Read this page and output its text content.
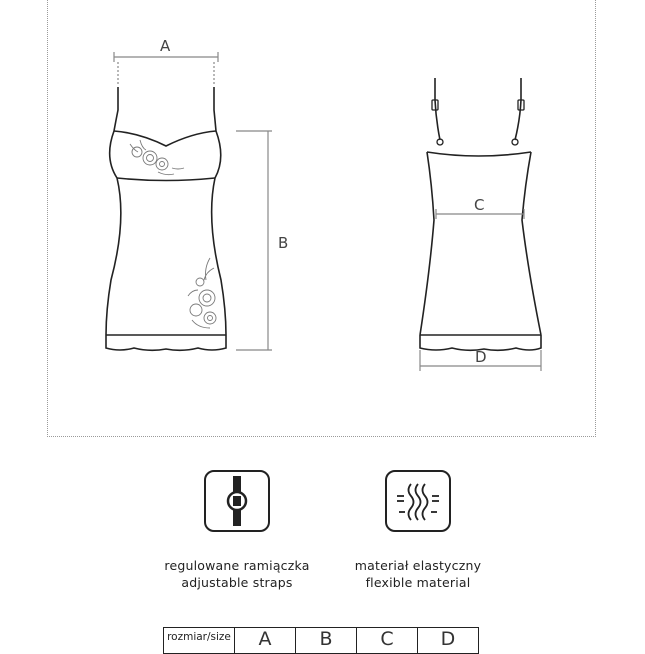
A
B
C
D
regulowane ramiączka
adjustable straps
materiał elastyczny
flexible material
rozmiar/size	A	B	C	D
